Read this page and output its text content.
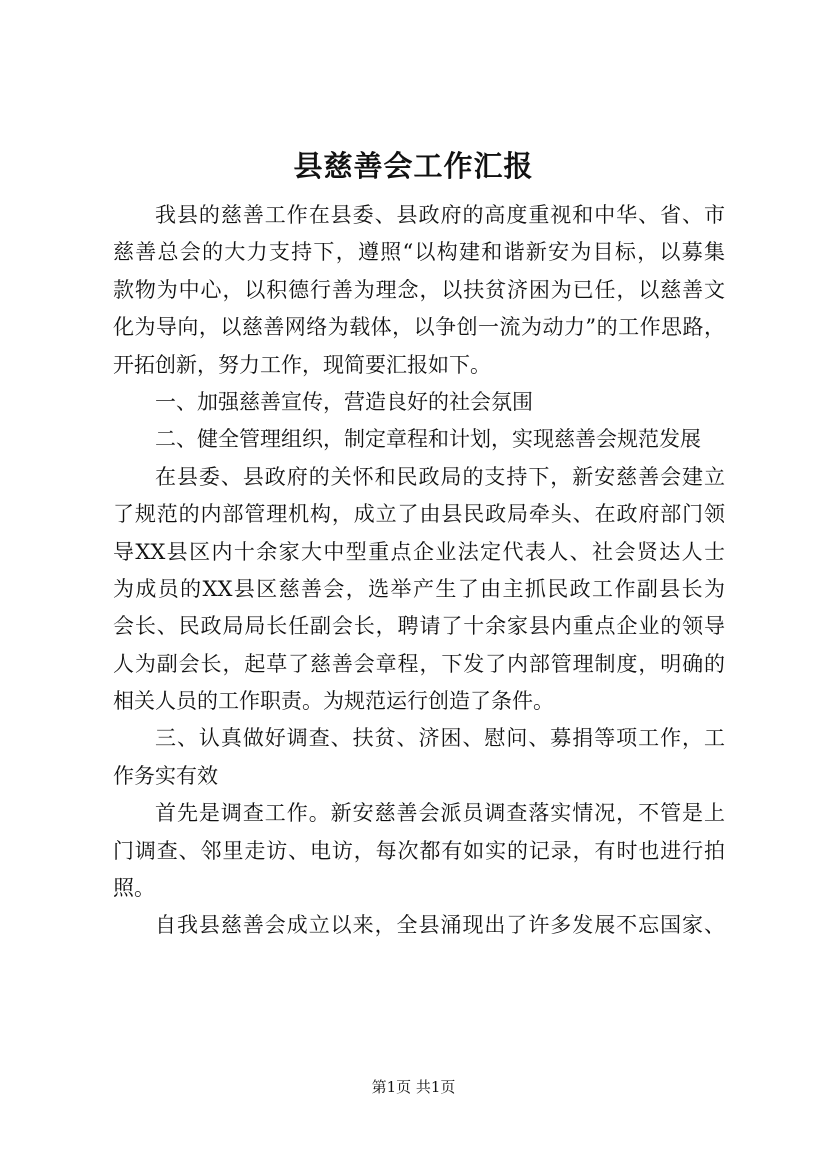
县慈善会工作汇报
我县的慈善工作在县委、县政府的高度重视和中华、省、市
慈善总会的大力支持下，遵照“以构建和谐新安为目标，以募集
款物为中心，以积德行善为理念，以扶贫济困为已任，以慈善文
化为导向，以慈善网络为载体，以争创一流为动力”的工作思路，
开拓创新，努力工作，现简要汇报如下。
一、加强慈善宣传，营造良好的社会氛围
二、健全管理组织，制定章程和计划，实现慈善会规范发展
在县委、县政府的关怀和民政局的支持下，新安慈善会建立
了规范的内部管理机构，成立了由县民政局牵头、在政府部门领
导XX县区内十余家大中型重点企业法定代表人、社会贤达人士
为成员的XX县区慈善会，选举产生了由主抓民政工作副县长为
会长、民政局局长任副会长，聘请了十余家县内重点企业的领导
人为副会长，起草了慈善会章程，下发了内部管理制度，明确的
相关人员的工作职责。为规范运行创造了条件。
三、认真做好调查、扶贫、济困、慰问、募捐等项工作，工
作务实有效
首先是调查工作。新安慈善会派员调查落实情况，不管是上
门调查、邻里走访、电访，每次都有如实的记录，有时也进行拍
照。
自我县慈善会成立以来，全县涌现出了许多发展不忘国家、
第1页 共1页
